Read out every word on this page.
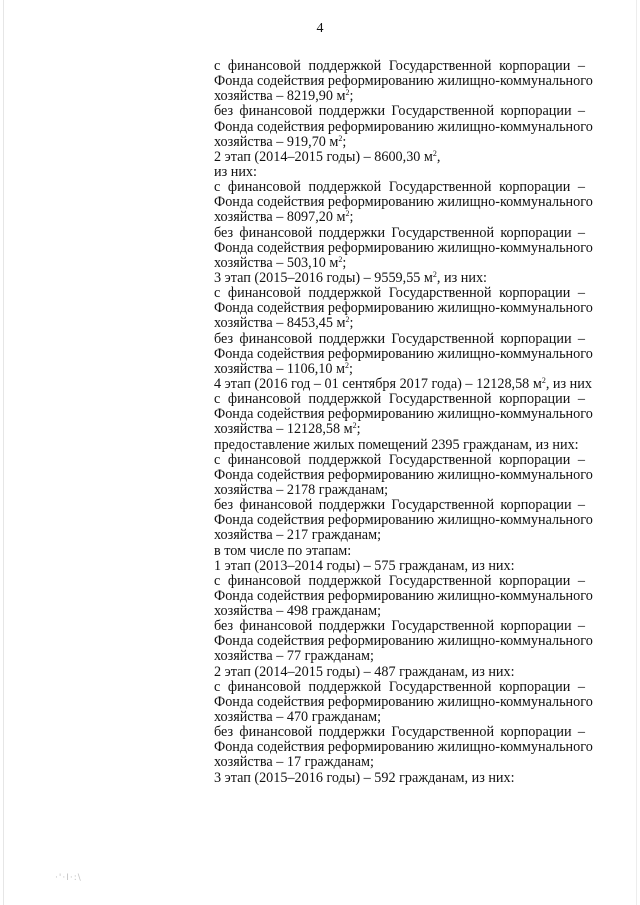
4
с финансовой поддержкой Государственной корпорации –
Фонда содействия реформированию жилищно-коммунального
хозяйства – 8219,90 $м^2$;
без финансовой поддержки Государственной корпорации –
Фонда содействия реформированию жилищно-коммунального
хозяйства – 919,70 $м^2$;
2 этап (2014–2015 годы) – 8600,30 $м^2$,
из них:
с финансовой поддержкой Государственной корпорации –
Фонда содействия реформированию жилищно-коммунального
хозяйства – 8097,20 $м^2$;
без финансовой поддержки Государственной корпорации –
Фонда содействия реформированию жилищно-коммунального
хозяйства – 503,10 $м^2$;
3 этап (2015–2016 годы) – 9559,55 $м^2$, из них:
с финансовой поддержкой Государственной корпорации –
Фонда содействия реформированию жилищно-коммунального
хозяйства – 8453,45 $м^2$;
без финансовой поддержки Государственной корпорации –
Фонда содействия реформированию жилищно-коммунального
хозяйства – 1106,10 $м^2$;
4 этап (2016 год – 01 сентября 2017 года) – 12128,58 $м^2$, из них
с финансовой поддержкой Государственной корпорации –
Фонда содействия реформированию жилищно-коммунального
хозяйства – 12128,58 $м^2$;
предоставление жилых помещений 2395 гражданам, из них:
с финансовой поддержкой Государственной корпорации –
Фонда содействия реформированию жилищно-коммунального
хозяйства – 2178 гражданам;
без финансовой поддержки Государственной корпорации –
Фонда содействия реформированию жилищно-коммунального
хозяйства – 217 гражданам;
в том числе по этапам:
1 этап (2013–2014 годы) – 575 гражданам, из них:
с финансовой поддержкой Государственной корпорации –
Фонда содействия реформированию жилищно-коммунального
хозяйства – 498 гражданам;
без финансовой поддержки Государственной корпорации –
Фонда содействия реформированию жилищно-коммунального
хозяйства – 77 гражданам;
2 этап (2014–2015 годы) – 487 гражданам, из них:
с финансовой поддержкой Государственной корпорации –
Фонда содействия реформированию жилищно-коммунального
хозяйства – 470 гражданам;
без финансовой поддержки Государственной корпорации –
Фонда содействия реформированию жилищно-коммунального
хозяйства – 17 гражданам;
3 этап (2015–2016 годы) – 592 гражданам, из них:
·'·I·:\
